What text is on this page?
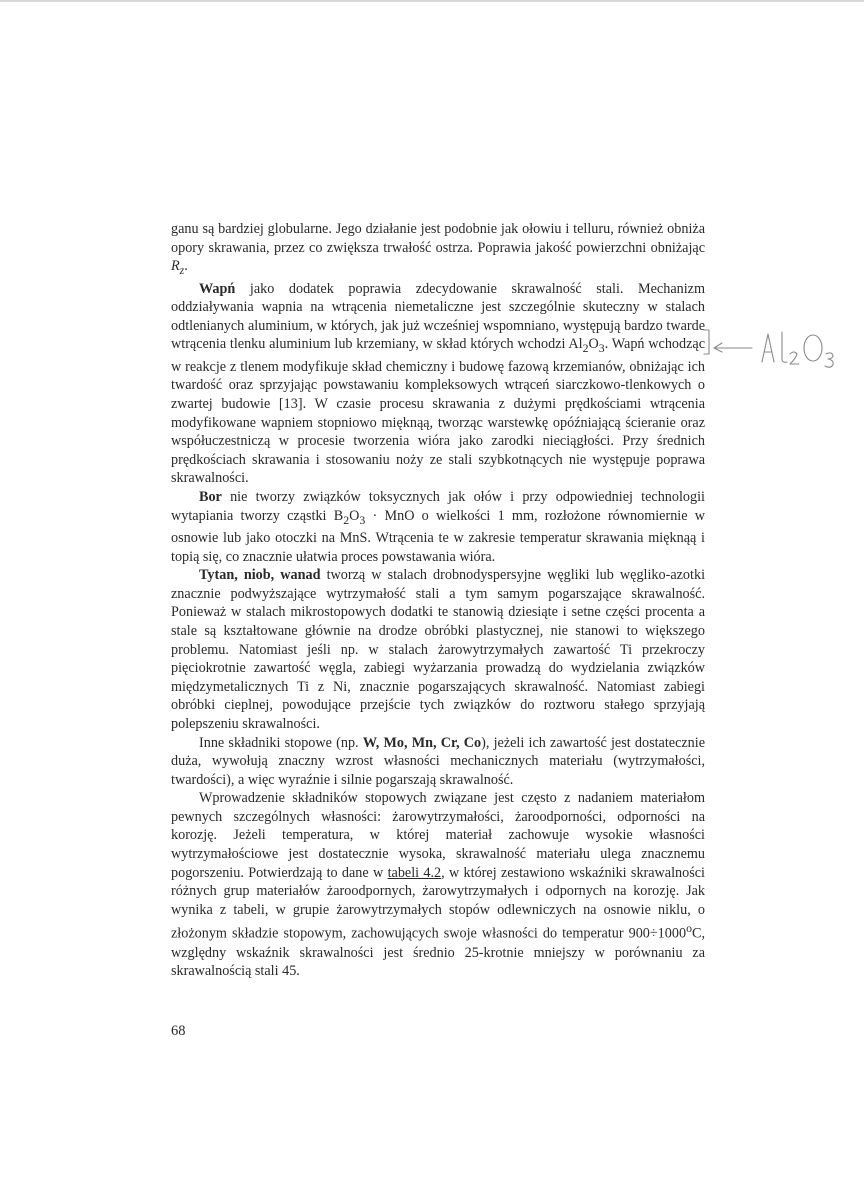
ganu są bardziej globularne. Jego działanie jest podobnie jak ołowiu i telluru, również obniża opory skrawania, przez co zwiększa trwałość ostrza. Poprawia jakość powierzchni obniżając $R_z$.

Wapń jako dodatek poprawia zdecydowanie skrawalność stali. Mechanizm oddziaływania wapnia na wtrącenia niemetaliczne jest szczególnie skuteczny w stalach odtlenianych aluminium, w których, jak już wcześniej wspomniano, występują bardzo twarde wtrącenia tlenku aluminium lub krzemiany, w skład których wchodzi $Al_2O_3$. Wapń wchodząc w reakcje z tlenem modyfikuje skład chemiczny i budowę fazową krzemianów, obniżając ich twardość oraz sprzyjając powstawaniu kompleksowych wtrąceń siarczkowo-tlenkowych o zwartej budowie [13]. W czasie procesu skrawania z dużymi prędkościami wtrącenia modyfikowane wapniem stopniowo mięknąą, tworząc warstewkę opóźniającą ścieranie oraz współuczestniczą w procesie tworzenia wióra jako zarodki nieciągłości. Przy średnich prędkościach skrawania i stosowaniu noży ze stali szybkotnących nie występuje poprawa skrawalności.

Bor nie tworzy związków toksycznych jak ołów i przy odpowiedniej technologii wytapiania tworzy cząstki $B_2O_3$ · MnO o wielkości 1 mm, rozłożone równomiernie w osnowie lub jako otoczki na MnS. Wtrącenia te w zakresie temperatur skrawania mięknąą i topią się, co znacznie ułatwia proces powstawania wióra.

Tytan, niob, wanad tworzą w stalach drobnodyspersyjne węgliki lub węgliko-azotki znacznie podwyższające wytrzymałość stali a tym samym pogarszające skrawalność. Ponieważ w stalach mikrostopowych dodatki te stanowią dziesiąte i setne części procenta a stale są kształtowane głównie na drodze obróbki plastycznej, nie stanowi to większego problemu. Natomiast jeśli np. w stalach żarowytrzymałych zawartość Ti przekroczy pięciokrotnie zawartość węgla, zabiegi wyżarzania prowadzą do wydzielania związków międzymetalicznych Ti z Ni, znacznie pogarszających skrawalność. Natomiast zabiegi obróbki cieplnej, powodujące przejście tych związków do roztworu stałego sprzyjają polepszeniu skrawalności.

Inne składniki stopowe (np. W, Mo, Mn, Cr, Co), jeżeli ich zawartość jest dostatecznie duża, wywołują znaczny wzrost własności mechanicznych materiału (wytrzymałości, twardości), a więc wyraźnie i silnie pogarszają skrawalność.

Wprowadzenie składników stopowych związane jest często z nadaniem materiałom pewnych szczególnych własności: żarowytrzymałości, żaroodporności, odporności na korozję. Jeżeli temperatura, w której materiał zachowuje wysokie własności wytrzymałościowe jest dostatecznie wysoka, skrawalność materiału ulega znacznemu pogorszeniu. Potwierdzają to dane w tabeli 4.2, w której zestawiono wskaźniki skrawalności różnych grup materiałów żaroodpornych, żarowytrzymałych i odpornych na korozję. Jak wynika z tabeli, w grupie żarowytrzymałych stopów odlewniczych na osnowie niklu, o złożonym składzie stopowym, zachowujących swoje własności do temperatur $900\div 1000^oC$, względny wskaźnik skrawalności jest średnio 25-krotnie mniejszy w porównaniu za skrawalnością stali 45.

68
